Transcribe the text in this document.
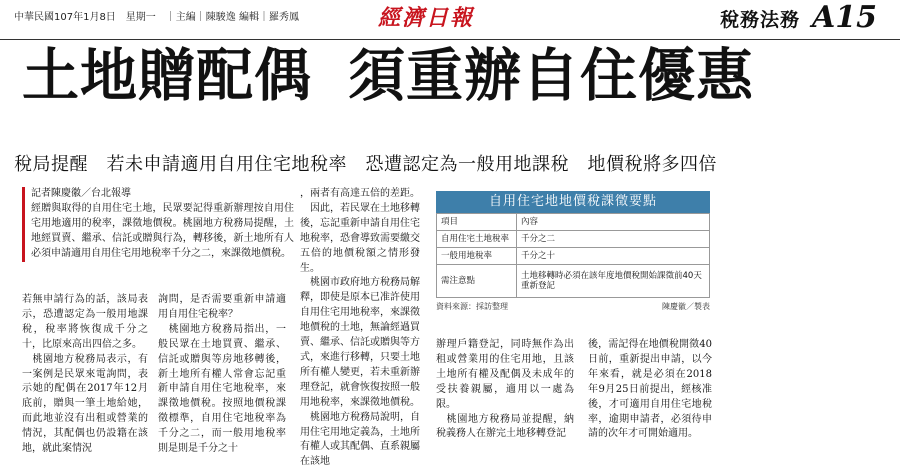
中華民國107年1月8日　星期一　｜主編｜陳駿逸 編輯｜羅秀鳳	經濟日報	稅務法務 A15
土地贈配偶 須重辦自住優惠
稅局提醒　若未申請適用自用住宅地稅率　恐遭認定為一般用地課稅　地價稅將多四倍

記者陳慶徽／台北報導

經贈與取得的自用住宅土地，民眾要記得重新辦理按自用住宅用地適用的稅率，課徵地價稅。桃園地方稅務局提醒，土地經買賣、繼承、信託或贈與行為，轉移後，新土地所有人必須申請適用自用住宅用地稅率千分之二，來課徵地價稅。

若無申請行為的話，該局表示，恐遭認定為一般用地課稅，稅率將恢復成千分之十，比原來高出四倍之多。
　桃園地方稅務局表示，有一案例是民眾來電詢問，表示她的配偶在2017年12月底前，贈與一筆土地給她，而此地並沒有出租或營業的情況，其配偶也仍設籍在該地，就此案情況
詢問，是否需要重新申請適用自用住宅稅率？
　桃園地方稅務局指出，一般民眾在土地買賣、繼承、信託或贈與等房地移轉後，新土地所有權人常會忘記重新申請自用住宅地稅率，來課徵地價稅。按照地價稅課徵標準，自用住宅地稅率為千分之二，而一般用地稅率則是則是千分之十
，兩者有高達五倍的差距。
　因此，若民眾在土地移轉後，忘記重新申請自用住宅地稅率，恐會導致需要繳交五倍的地價稅額之情形發生。
　桃園市政府地方稅務局解釋，即使是原本已准許使用自用住宅用地稅率，來課徵地價稅的土地，無論經過買賣、繼承、信託或贈與等方式，來進行移轉，只要土地所有權人變更，若未重新辦理登記，就會恢復按照一般用地稅率，來課徵地價稅。
　桃園地方稅務局說明，自用住宅用地定義為，土地所有權人或其配偶、直系親屬在該地
辦理戶籍登記，同時無作為出租或營業用的住宅用地，且該土地所有權及配偶及未成年的受扶養親屬，適用以一處為限。
　桃園地方稅務局並提醒，納稅義務人在辦完土地移轉登記
後，需記得在地價稅開徵40日前，重新提出申請，以今年來看，就是必須在2018年9月25日前提出，經核准後，才可適用自用住宅地稅率，逾期申請者，必須待申請的次年才可開始適用。
自用住宅地地價稅課徵要點
項目	內容
自用住宅土地稅率	千分之二
一般用地稅率	千分之十
需注意點	土地移轉時必須在該年度地價稅開始課徵前40天重新登記
資料來源：採訪整理	陳慶徽／製表
